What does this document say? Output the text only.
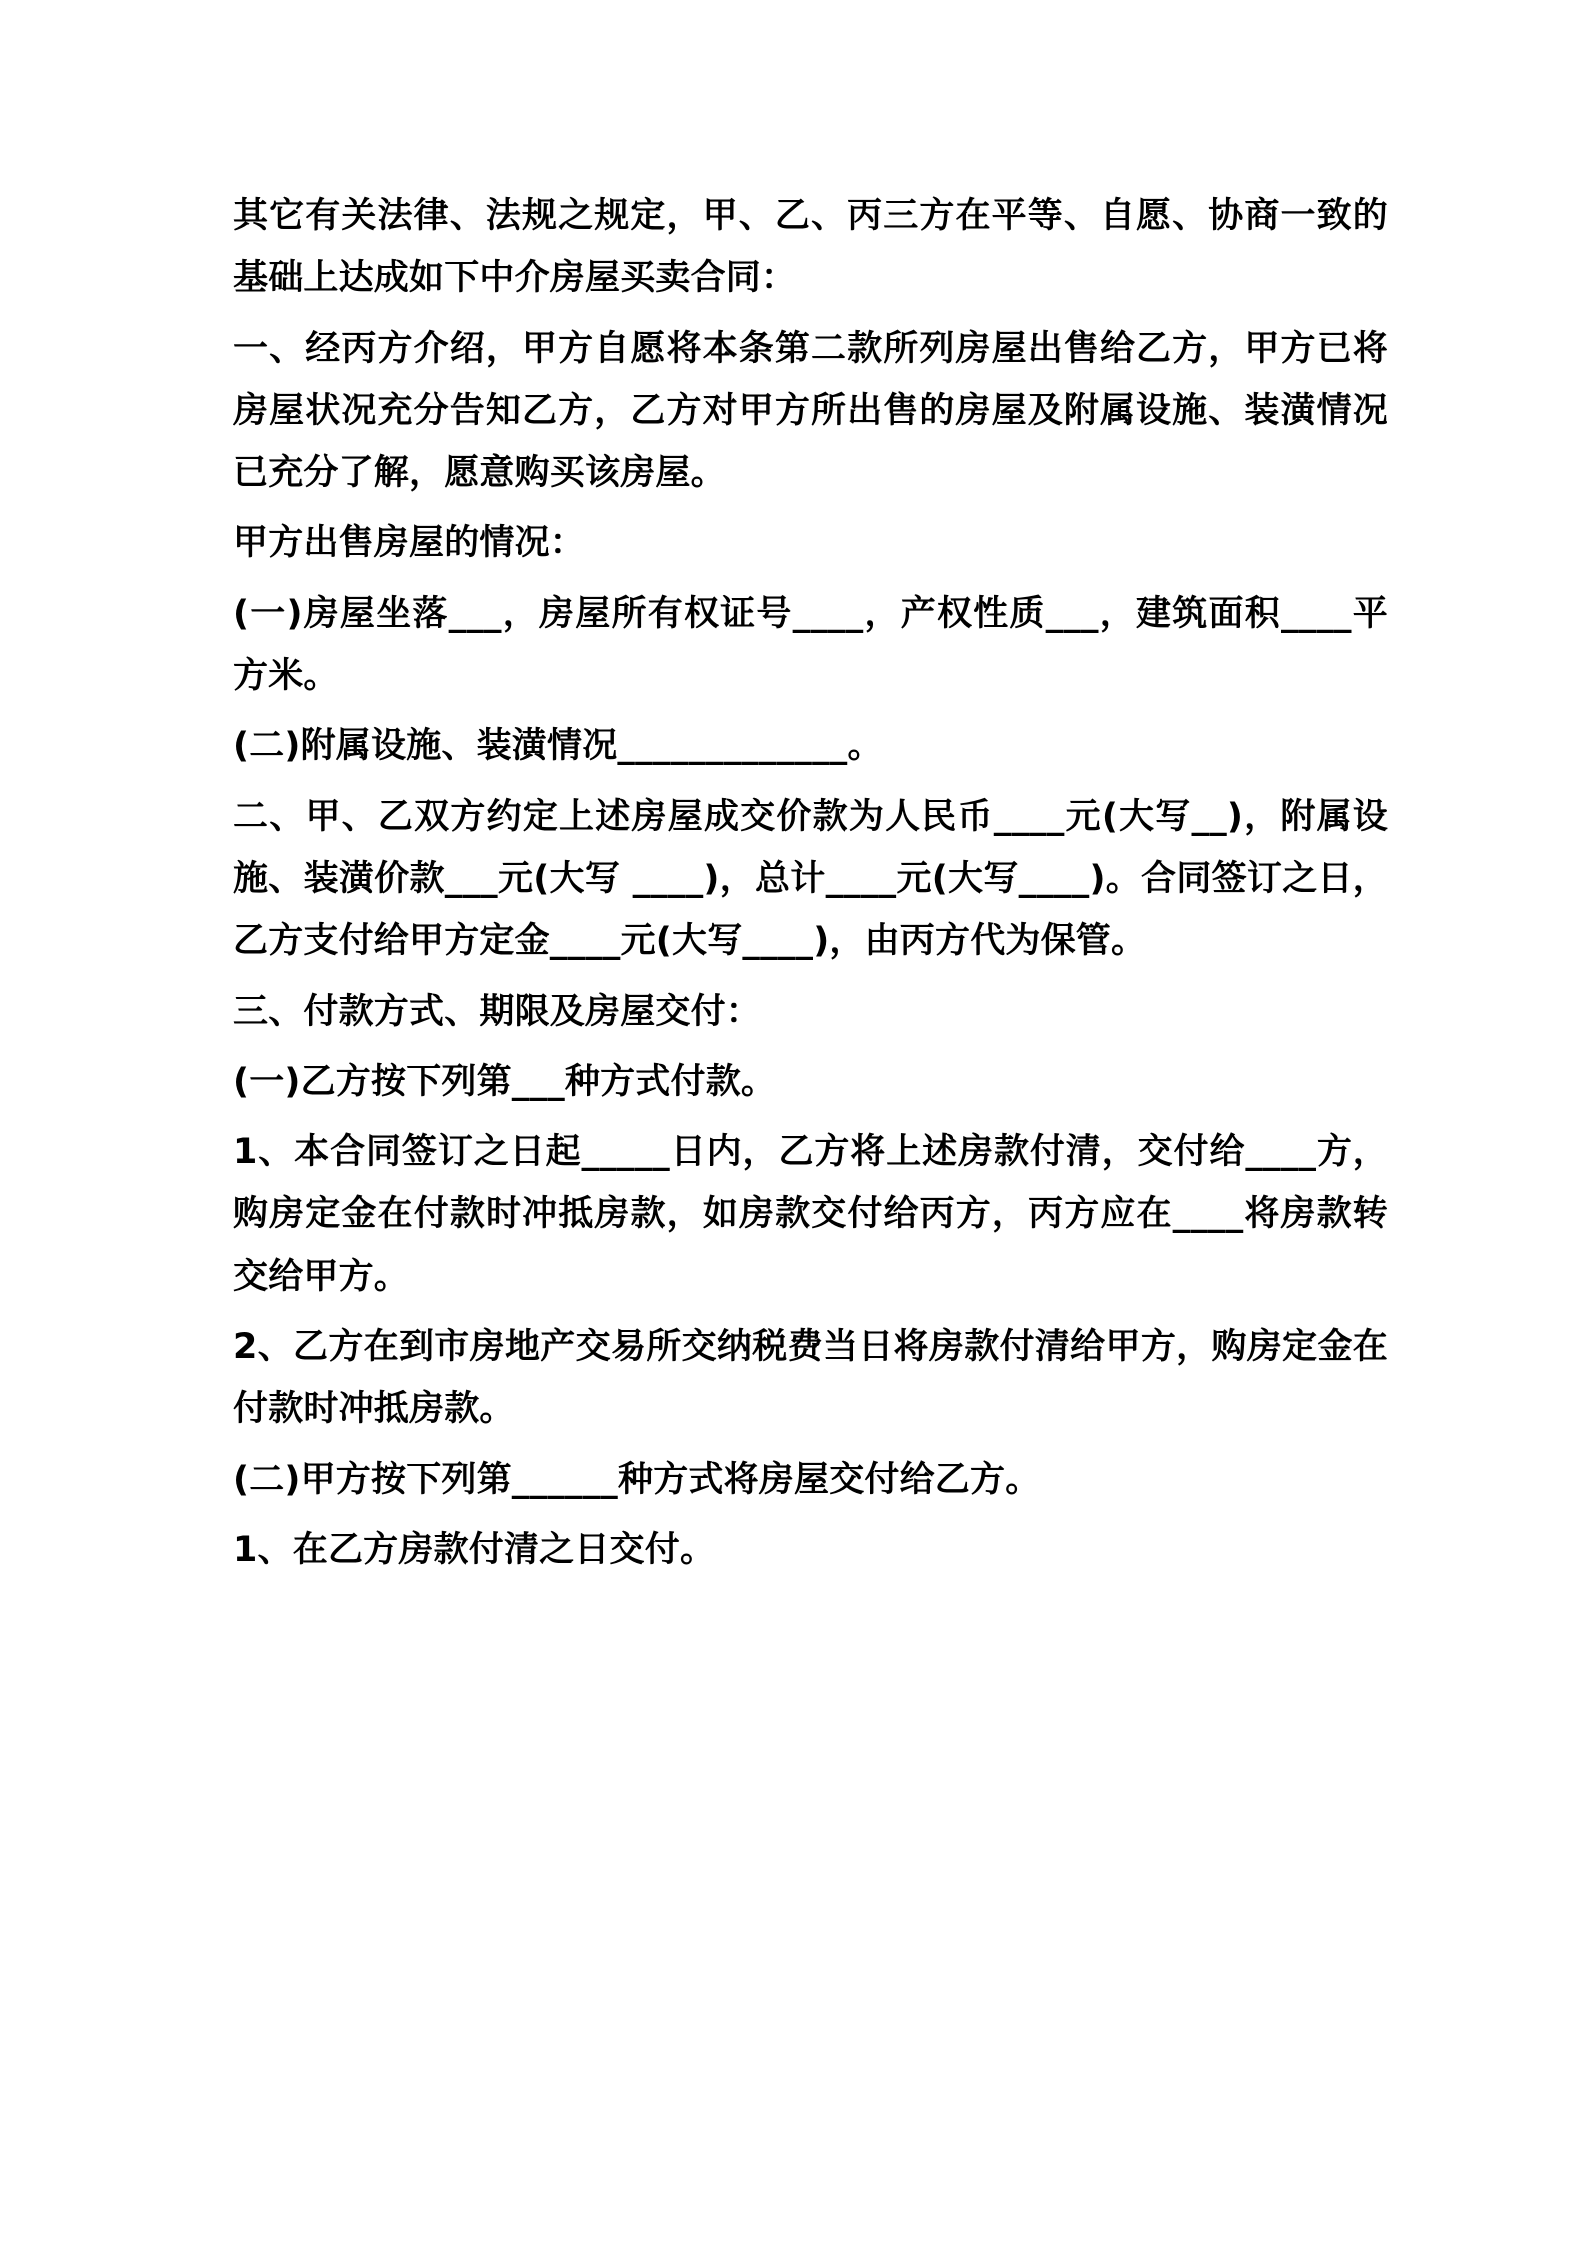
其它有关法律、法规之规定，甲、乙、丙三方在平等、自愿、协商一致的基础上达成如下中介房屋买卖合同：

一、经丙方介绍，甲方自愿将本条第二款所列房屋出售给乙方，甲方已将房屋状况充分告知乙方，乙方对甲方所出售的房屋及附属设施、装潢情况已充分了解，愿意购买该房屋。

甲方出售房屋的情况：

(一)房屋坐落___，房屋所有权证号____，产权性质___，建筑面积____平方米。

(二)附属设施、装潢情况_____________。

二、甲、乙双方约定上述房屋成交价款为人民币____元(大写__)，附属设施、装潢价款___元(大写 ____)，总计____元(大写____)。合同签订之日，乙方支付给甲方定金____元(大写____)，由丙方代为保管。

三、付款方式、期限及房屋交付：

(一)乙方按下列第___种方式付款。

1、本合同签订之日起_____日内，乙方将上述房款付清，交付给____方，购房定金在付款时冲抵房款，如房款交付给丙方，丙方应在____将房款转交给甲方。

2、乙方在到市房地产交易所交纳税费当日将房款付清给甲方，购房定金在付款时冲抵房款。

(二)甲方按下列第______种方式将房屋交付给乙方。

1、在乙方房款付清之日交付。
